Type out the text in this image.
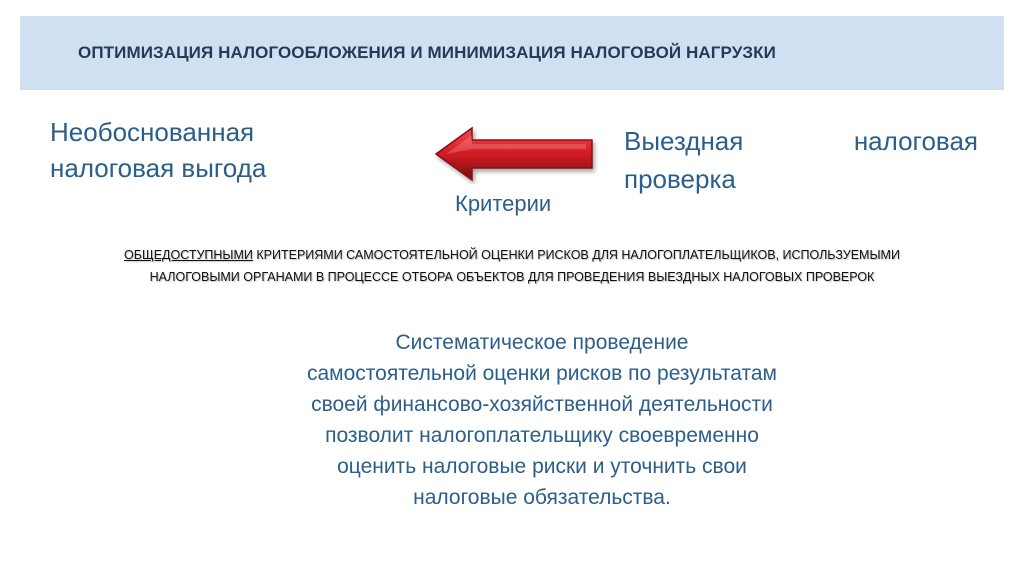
ОПТИМИЗАЦИЯ НАЛОГООБЛОЖЕНИЯ И МИНИМИЗАЦИЯ НАЛОГОВОЙ НАГРУЗКИ
Необоснованная
налоговая выгода
Выездная	налоговая
проверка
Критерии
ОБЩЕДОСТУПНЫМИ КРИТЕРИЯМИ САМОСТОЯТЕЛЬНОЙ ОЦЕНКИ РИСКОВ ДЛЯ НАЛОГОПЛАТЕЛЬЩИКОВ, ИСПОЛЬЗУЕМЫМИ
НАЛОГОВЫМИ ОРГАНАМИ В ПРОЦЕССЕ ОТБОРА ОБЪЕКТОВ ДЛЯ ПРОВЕДЕНИЯ ВЫЕЗДНЫХ НАЛОГОВЫХ ПРОВЕРОК
Систематическое проведение
самостоятельной оценки рисков по результатам
своей финансово-хозяйственной деятельности
позволит налогоплательщику своевременно
оценить налоговые риски и уточнить свои
налоговые обязательства.
